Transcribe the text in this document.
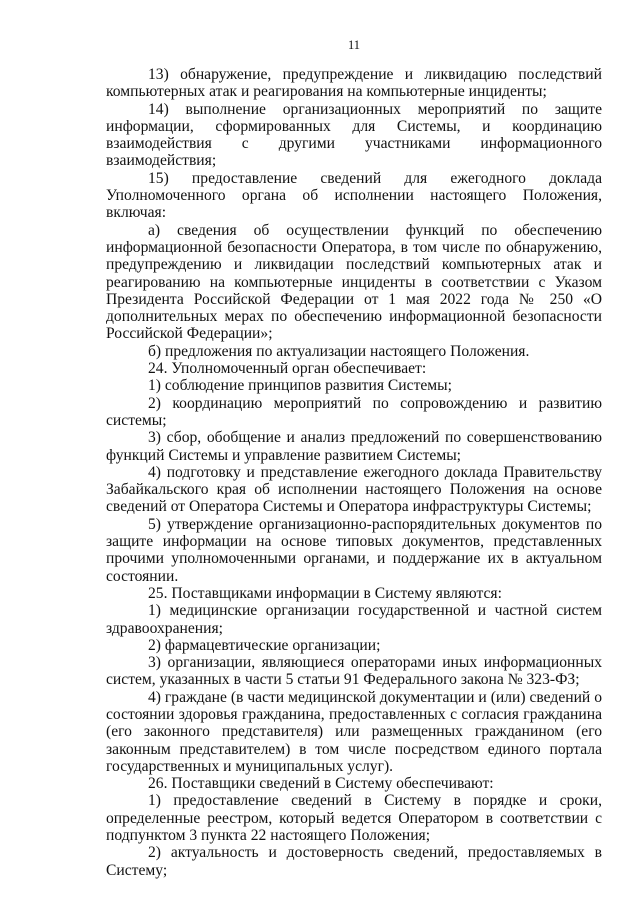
11

13) обнаружение, предупреждение и ликвидацию последствий компьютерных атак и реагирования на компьютерные инциденты;

14) выполнение организационных мероприятий по защите информации, сформированных для Системы, и координацию взаимодействия с другими участниками информационного взаимодействия;

15) предоставление сведений для ежегодного доклада Уполномоченного органа об исполнении настоящего Положения, включая:

а) сведения об осуществлении функций по обеспечению информационной безопасности Оператора, в том числе по обнаружению, предупреждению и ликвидации последствий компьютерных атак и реагированию на компьютерные инциденты в соответствии с Указом Президента Российской Федерации от 1 мая 2022 года № 250 «О дополнительных мерах по обеспечению информационной безопасности Российской Федерации»;

б) предложения по актуализации настоящего Положения.

24. Уполномоченный орган обеспечивает:

1) соблюдение принципов развития Системы;

2) координацию мероприятий по сопровождению и развитию системы;

3) сбор, обобщение и анализ предложений по совершенствованию функций Системы и управление развитием Системы;

4) подготовку и представление ежегодного доклада Правительству Забайкальского края об исполнении настоящего Положения на основе сведений от Оператора Системы и Оператора инфраструктуры Системы;

5) утверждение организационно-распорядительных документов по защите информации на основе типовых документов, представленных прочими уполномоченными органами, и поддержание их в актуальном состоянии.

25. Поставщиками информации в Систему являются:

1) медицинские организации государственной и частной систем здравоохранения;

2) фармацевтические организации;

3) организации, являющиеся операторами иных информационных систем, указанных в части 5 статьи 91 Федерального закона № 323-ФЗ;

4) граждане (в части медицинской документации и (или) сведений о состоянии здоровья гражданина, предоставленных с согласия гражданина (его законного представителя) или размещенных гражданином (его законным представителем) в том числе посредством единого портала государственных и муниципальных услуг).

26. Поставщики сведений в Систему обеспечивают:

1) предоставление сведений в Систему в порядке и сроки, определенные реестром, который ведется Оператором в соответствии с подпунктом 3 пункта 22 настоящего Положения;

2) актуальность и достоверность сведений, предоставляемых в Систему;
